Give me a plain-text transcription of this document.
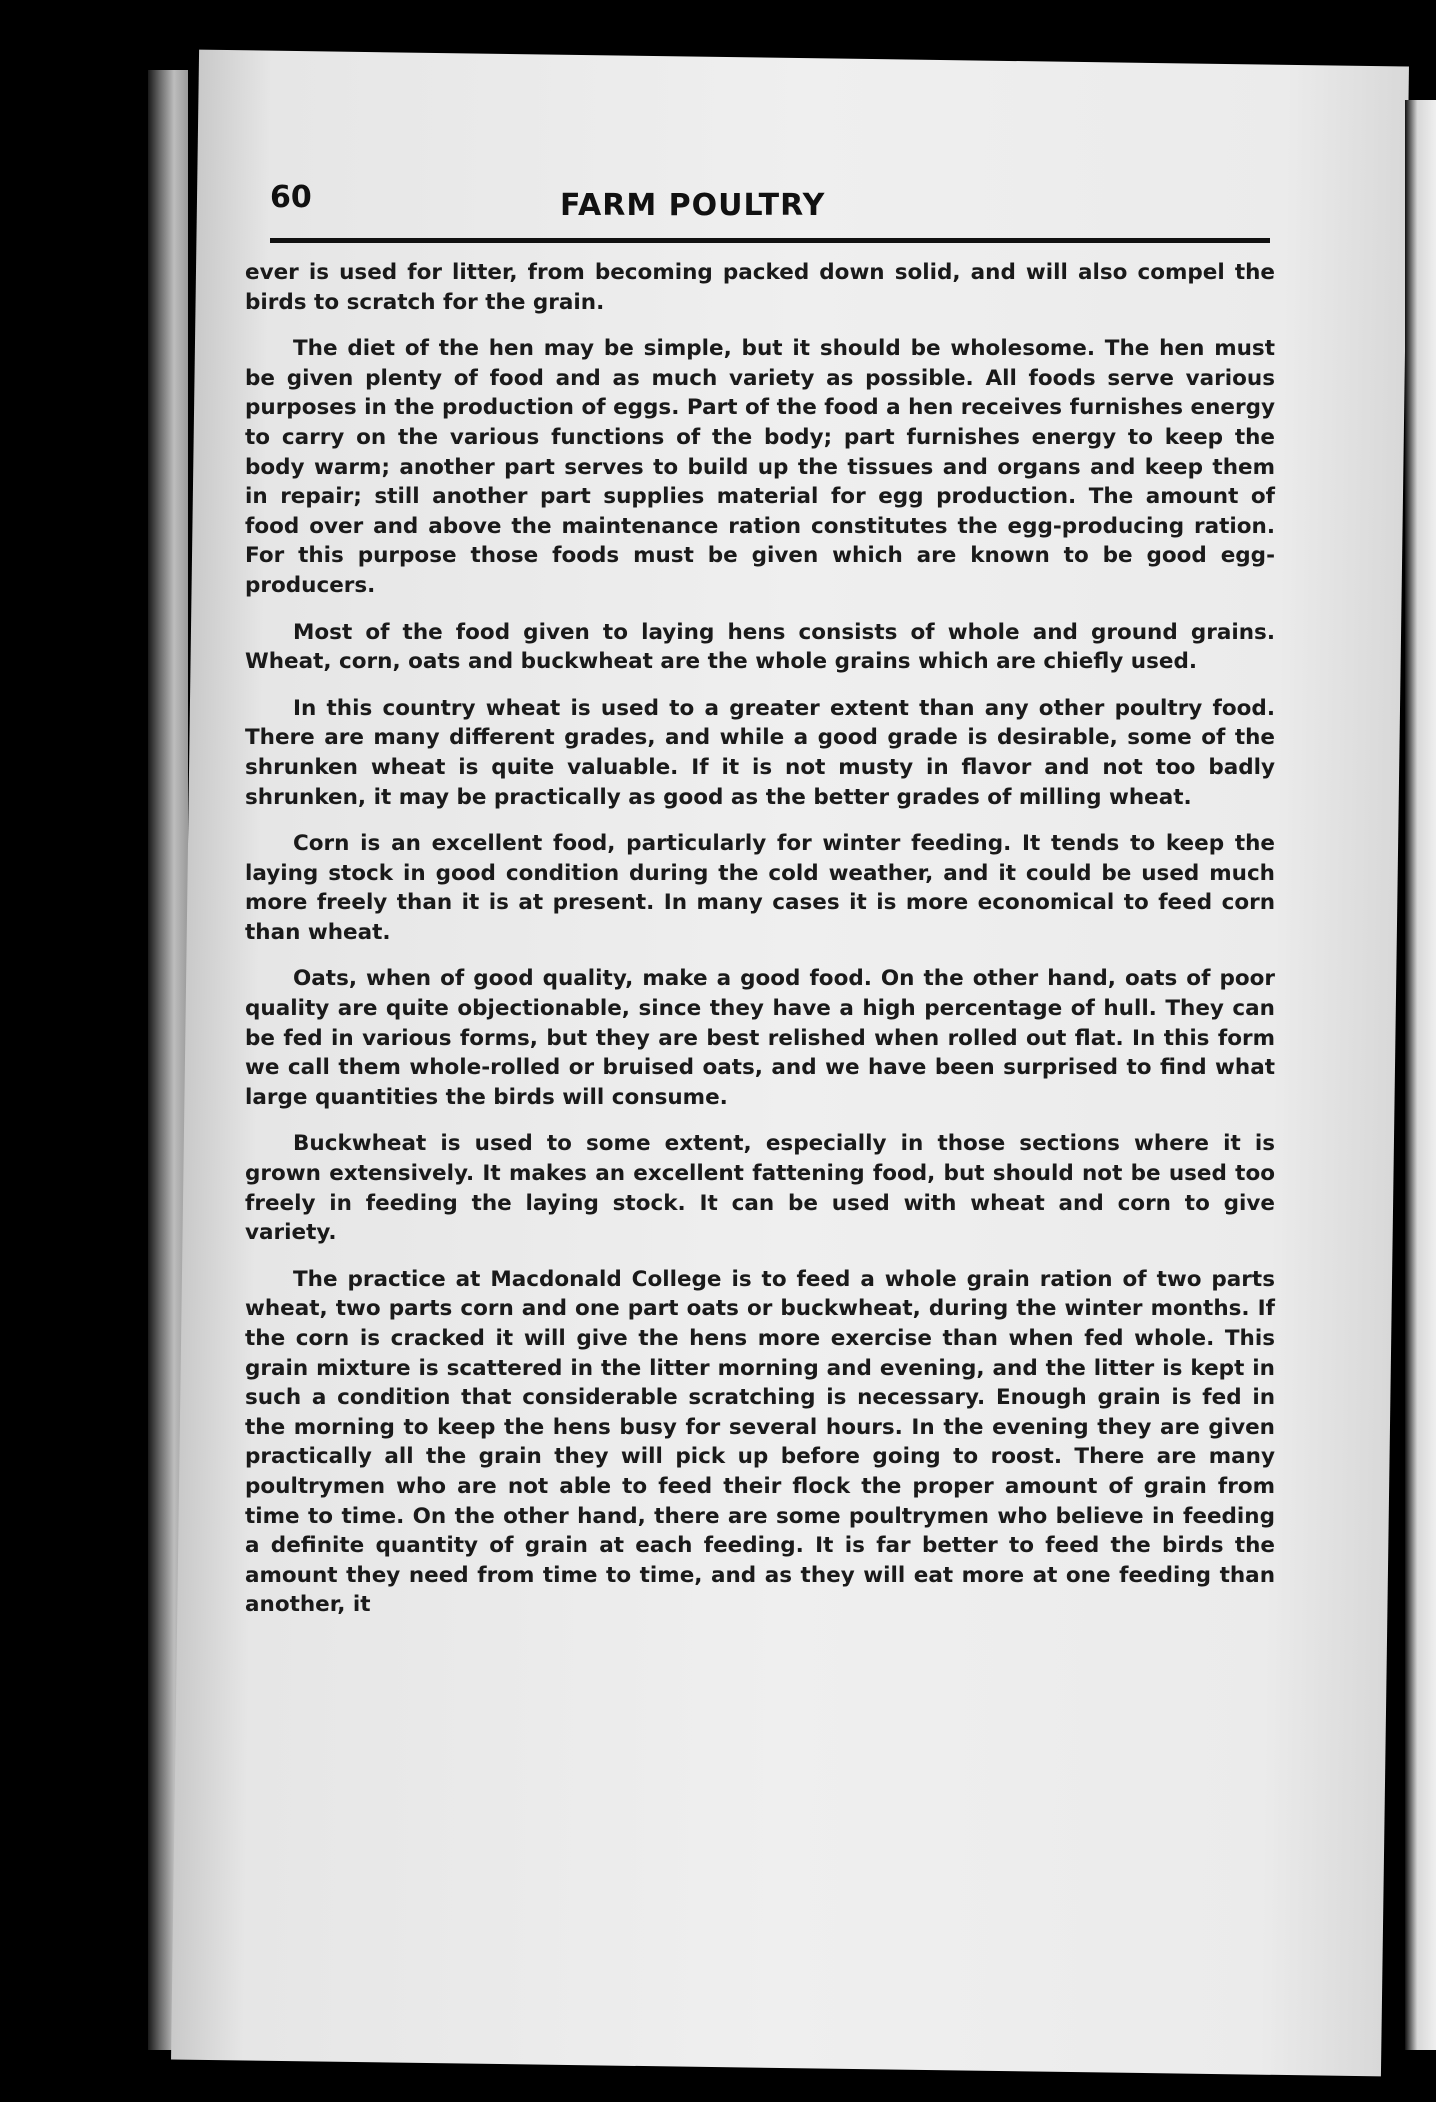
60	FARM POULTRY

ever is used for litter, from becoming packed down solid, and will also compel the birds to scratch for the grain.

The diet of the hen may be simple, but it should be wholesome. The hen must be given plenty of food and as much variety as possible. All foods serve various purposes in the production of eggs. Part of the food a hen receives furnishes energy to carry on the various functions of the body; part furnishes energy to keep the body warm; another part serves to build up the tissues and organs and keep them in repair; still another part supplies material for egg production. The amount of food over and above the maintenance ration constitutes the egg-producing ration. For this purpose those foods must be given which are known to be good egg-producers.

Most of the food given to laying hens consists of whole and ground grains. Wheat, corn, oats and buckwheat are the whole grains which are chiefly used.

In this country wheat is used to a greater extent than any other poultry food. There are many different grades, and while a good grade is desirable, some of the shrunken wheat is quite valuable. If it is not musty in flavor and not too badly shrunken, it may be practically as good as the better grades of milling wheat.

Corn is an excellent food, particularly for winter feeding. It tends to keep the laying stock in good condition during the cold weather, and it could be used much more freely than it is at present. In many cases it is more economical to feed corn than wheat.

Oats, when of good quality, make a good food. On the other hand, oats of poor quality are quite objectionable, since they have a high percentage of hull. They can be fed in various forms, but they are best relished when rolled out flat. In this form we call them whole-rolled or bruised oats, and we have been surprised to find what large quantities the birds will consume.

Buckwheat is used to some extent, especially in those sections where it is grown extensively. It makes an excellent fattening food, but should not be used too freely in feeding the laying stock. It can be used with wheat and corn to give variety.

The practice at Macdonald College is to feed a whole grain ration of two parts wheat, two parts corn and one part oats or buckwheat, during the winter months. If the corn is cracked it will give the hens more exercise than when fed whole. This grain mixture is scattered in the litter morning and evening, and the litter is kept in such a condition that considerable scratching is necessary. Enough grain is fed in the morning to keep the hens busy for several hours. In the evening they are given practically all the grain they will pick up before going to roost. There are many poultrymen who are not able to feed their flock the proper amount of grain from time to time. On the other hand, there are some poultrymen who believe in feeding a definite quantity of grain at each feeding. It is far better to feed the birds the amount they need from time to time, and as they will eat more at one feeding than another, it
